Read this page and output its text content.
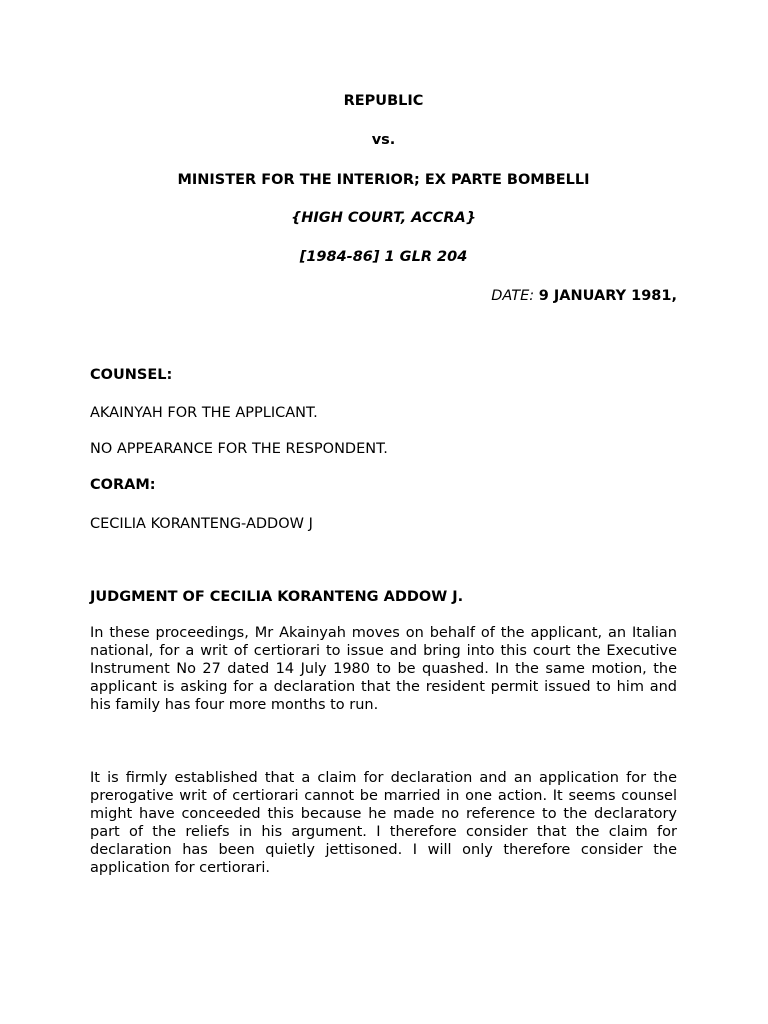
REPUBLIC
vs.
MINISTER FOR THE INTERIOR; EX PARTE BOMBELLI
{HIGH COURT, ACCRA}
[1984-86] 1 GLR 204
DATE: 9 JANUARY 1981,
COUNSEL:
AKAINYAH FOR THE APPLICANT.
NO APPEARANCE FOR THE RESPONDENT.
CORAM:
CECILIA KORANTENG-ADDOW J
JUDGMENT OF CECILIA KORANTENG ADDOW J.
In these proceedings, Mr Akainyah moves on behalf of the applicant, an Italian national, for a writ of certiorari to issue and bring into this court the Executive Instrument No 27 dated 14 July 1980 to be quashed. In the same motion, the applicant is asking for a declaration that the resident permit issued to him and his family has four more months to run.
It is firmly established that a claim for declaration and an application for the prerogative writ of certiorari cannot be married in one action. It seems counsel might have conceeded this because he made no reference to the declaratory part of the reliefs in his argument. I therefore consider that the claim for declaration has been quietly jettisoned. I will only therefore consider the application for certiorari.
